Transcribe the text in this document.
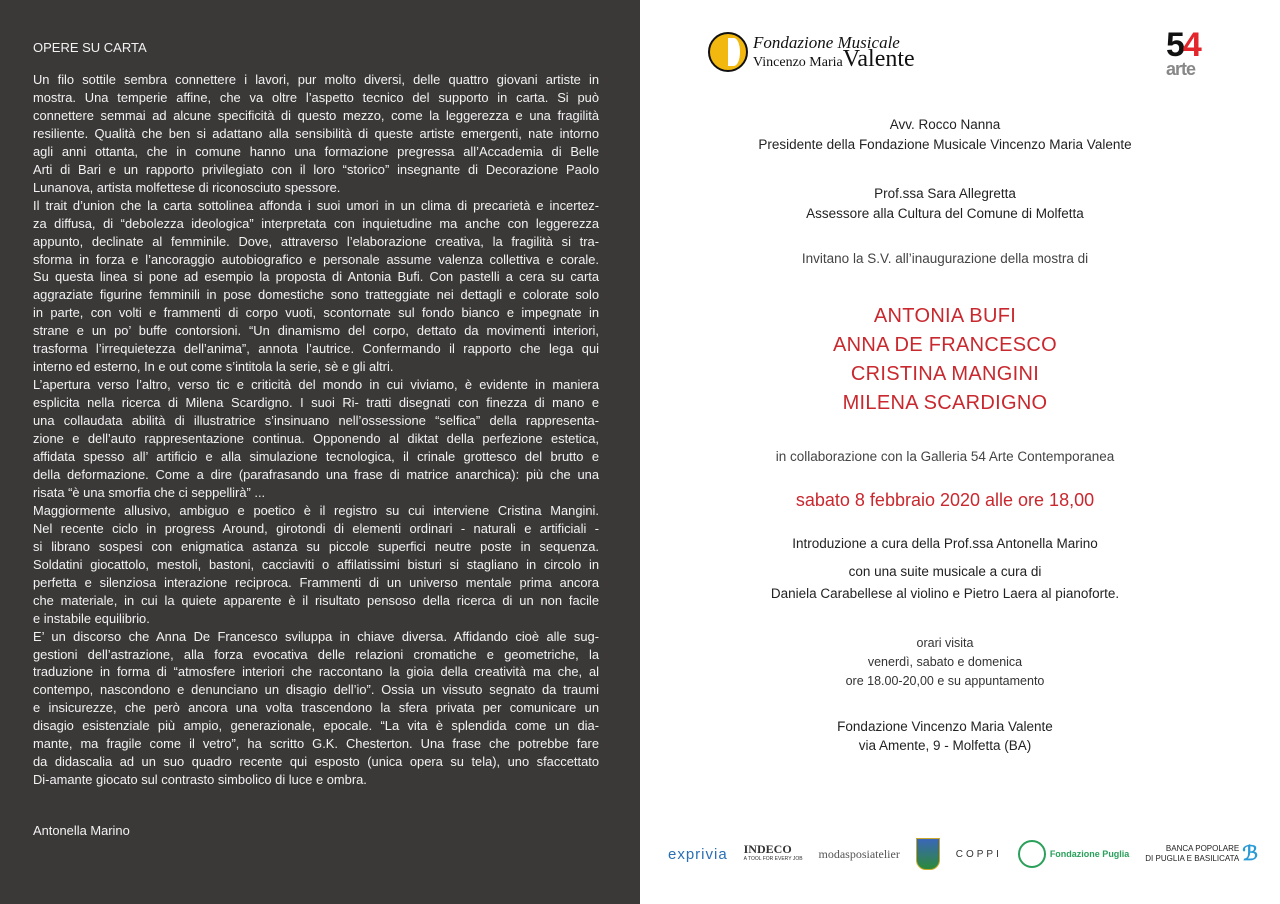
OPERE SU CARTA
Un filo sottile sembra connettere i lavori, pur molto diversi, delle quattro giovani artiste in
mostra. Una temperie affine, che va oltre l’aspetto tecnico del supporto in carta. Si può
connettere semmai ad alcune specificità di questo mezzo, come la leggerezza e una fragilità
resiliente. Qualità che ben si adattano alla sensibilità di queste artiste emergenti, nate intorno
agli anni ottanta, che in comune hanno una formazione pregressa all’Accademia di Belle
Arti di Bari e un rapporto privilegiato con il loro “storico” insegnante di Decorazione Paolo
Lunanova, artista molfettese di riconosciuto spessore.
Il trait d’union che la carta sottolinea affonda i suoi umori in un clima di precarietà e incertez-
za diffusa, di “debolezza ideologica” interpretata con inquietudine ma anche con leggerezza
appunto, declinate al femminile. Dove, attraverso l’elaborazione creativa, la fragilità si tra-
sforma in forza e l’ancoraggio autobiografico e personale assume valenza collettiva e corale.
Su questa linea si pone ad esempio la proposta di Antonia Bufi. Con pastelli a cera su carta
aggraziate figurine femminili in pose domestiche sono tratteggiate nei dettagli e colorate solo
in parte, con volti e frammenti di corpo vuoti, scontornate sul fondo bianco e impegnate in
strane e un po’ buffe contorsioni. “Un dinamismo del corpo, dettato da movimenti interiori,
trasforma l’irrequietezza dell’anima”, annota l’autrice. Confermando il rapporto che lega qui
interno ed esterno, In e out come s’intitola la serie, sè e gli altri.
L’apertura verso l’altro, verso tic e criticità del mondo in cui viviamo, è evidente in maniera
esplicita nella ricerca di Milena Scardigno. I suoi Ri- tratti disegnati con finezza di mano e
una collaudata abilità di illustratrice s’insinuano nell’ossessione “selfica” della rappresenta-
zione e dell’auto rappresentazione continua. Opponendo al diktat della perfezione estetica,
affidata spesso all’ artificio e alla simulazione tecnologica, il crinale grottesco del brutto e
della deformazione. Come a dire (parafrasando una frase di matrice anarchica): più che una
risata “è una smorfia che ci seppellirà” ...
Maggiormente allusivo, ambiguo e poetico è il registro su cui interviene Cristina Mangini.
Nel recente ciclo in progress Around, girotondi di elementi ordinari - naturali e artificiali -
si librano sospesi con enigmatica astanza su piccole superfici neutre poste in sequenza.
Soldatini giocattolo, mestoli, bastoni, cacciaviti o affilatissimi bisturi si stagliano in circolo in
perfetta e silenziosa interazione reciproca. Frammenti di un universo mentale prima ancora
che materiale, in cui la quiete apparente è il risultato pensoso della ricerca di un non facile
e instabile equilibrio.
E’ un discorso che Anna De Francesco sviluppa in chiave diversa. Affidando cioè alle sug-
gestioni dell’astrazione, alla forza evocativa delle relazioni cromatiche e geometriche, la
traduzione in forma di “atmosfere interiori che raccontano la gioia della creatività ma che, al
contempo, nascondono e denunciano un disagio dell’io”. Ossia un vissuto segnato da traumi
e insicurezze, che però ancora una volta trascendono la sfera privata per comunicare un
disagio esistenziale più ampio, generazionale, epocale. “La vita è splendida come un dia-
mante, ma fragile come il vetro”, ha scritto G.K. Chesterton. Una frase che potrebbe fare
da didascalia ad un suo quadro recente qui esposto (unica opera su tela), uno sfaccettato
Di-amante giocato sul contrasto simbolico di luce e ombra.
Antonella Marino
Fondazione Musicale
Vincenzo MariaValente	54
arte
Avv. Rocco Nanna
Presidente della Fondazione Musicale Vincenzo Maria Valente
Prof.ssa Sara Allegretta
Assessore alla Cultura del Comune di Molfetta
Invitano la S.V. all’inaugurazione della mostra di
ANTONIA BUFI
ANNA DE FRANCESCO
CRISTINA MANGINI
MILENA SCARDIGNO
in collaborazione con la Galleria 54 Arte Contemporanea
sabato 8 febbraio 2020 alle ore 18,00
Introduzione a cura della Prof.ssa Antonella Marino
con una suite musicale a cura di
Daniela Carabellese al violino e Pietro Laera al pianoforte.
orari visita
venerdì, sabato e domenica
ore 18.00-20,00 e su appuntamento
Fondazione Vincenzo Maria Valente
via Amente, 9 - Molfetta (BA)
exprivia INDECO
A TOOL FOR EVERY JOB modasposiatelier	COPPI	Fondazione Puglia
BANCA POPOLARE
DI PUGLIA E BASILICATA ℬ
